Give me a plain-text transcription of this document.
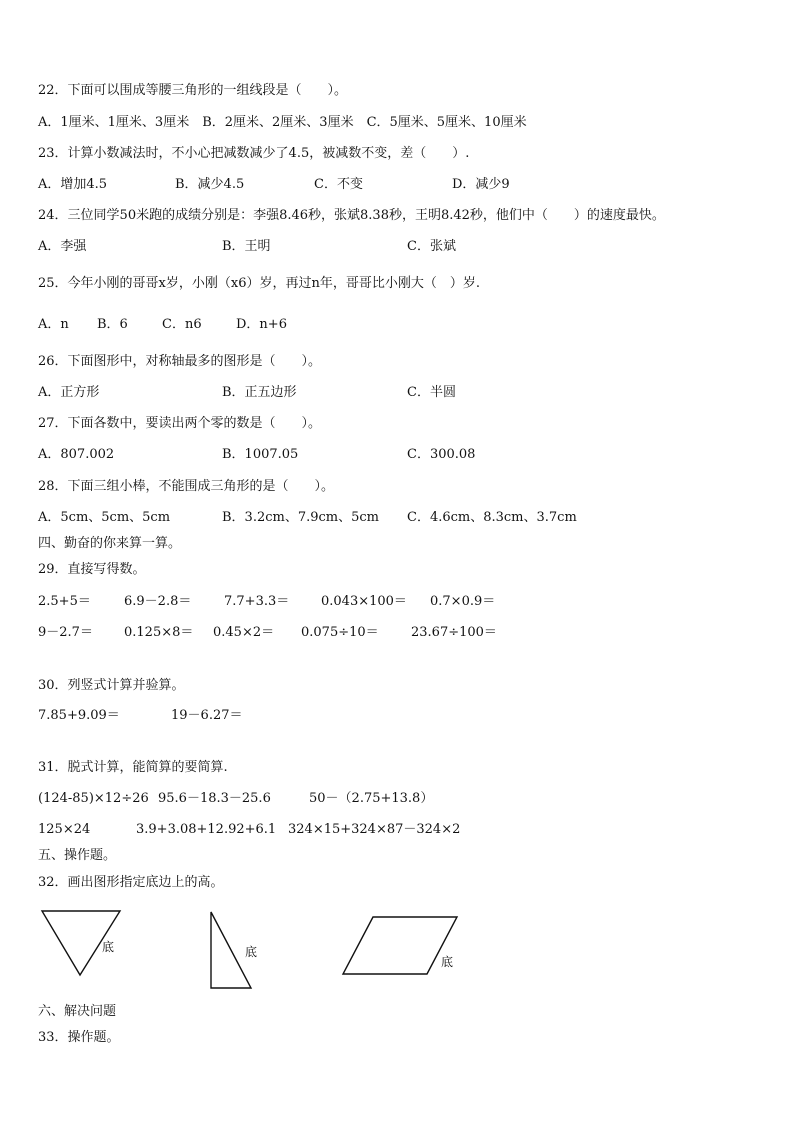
22．下面可以围成等腰三角形的一组线段是（　　）。
A．1厘米、1厘米、3厘米　B．2厘米、2厘米、3厘米　C．5厘米、5厘米、10厘米
23．计算小数减法时，不小心把减数减少了4.5，被减数不变，差（　　）.
A．增加4.5	B．减少4.5	C．不变	D．减少9
24．三位同学50米跑的成绩分别是：李强8.46秒，张斌8.38秒，王明8.42秒，他们中（　　）的速度最快。
A．李强	B．王明	C．张斌
25．今年小刚的哥哥x岁，小刚（x6）岁，再过n年，哥哥比小刚大（　）岁.
A．n B．6	C．n6	D．n+6
26．下面图形中，对称轴最多的图形是（　　）。
A．正方形	B．正五边形	C．半圆
27．下面各数中，要读出两个零的数是（　　）。
A．807.002	B．1007.05	C．300.08
28．下面三组小棒，不能围成三角形的是（　　）。
A．5cm、5cm、5cm	B．3.2cm、7.9cm、5cm C．4.6cm、8.3cm、3.7cm
四、勤奋的你来算一算。
29．直接写得数。
2.5+5＝	6.9－2.8＝	7.7+3.3＝ 0.043×100＝ 0.7×0.9＝
9－2.7＝ 0.125×8＝ 0.45×2＝ 0.075÷10＝ 23.67÷100＝
30．列竖式计算并验算。
7.85+9.09＝	19－6.27＝
31．脱式计算，能简算的要简算.
(124-85)×12÷26 95.6－18.3－25.6	50－（2.75+13.8）
125×24	3.9+3.08+12.92+6.1 324×15+324×87－324×2
五、操作题。
32．画出图形指定底边上的高。
底	底
底
六、解决问题
33．操作题。
